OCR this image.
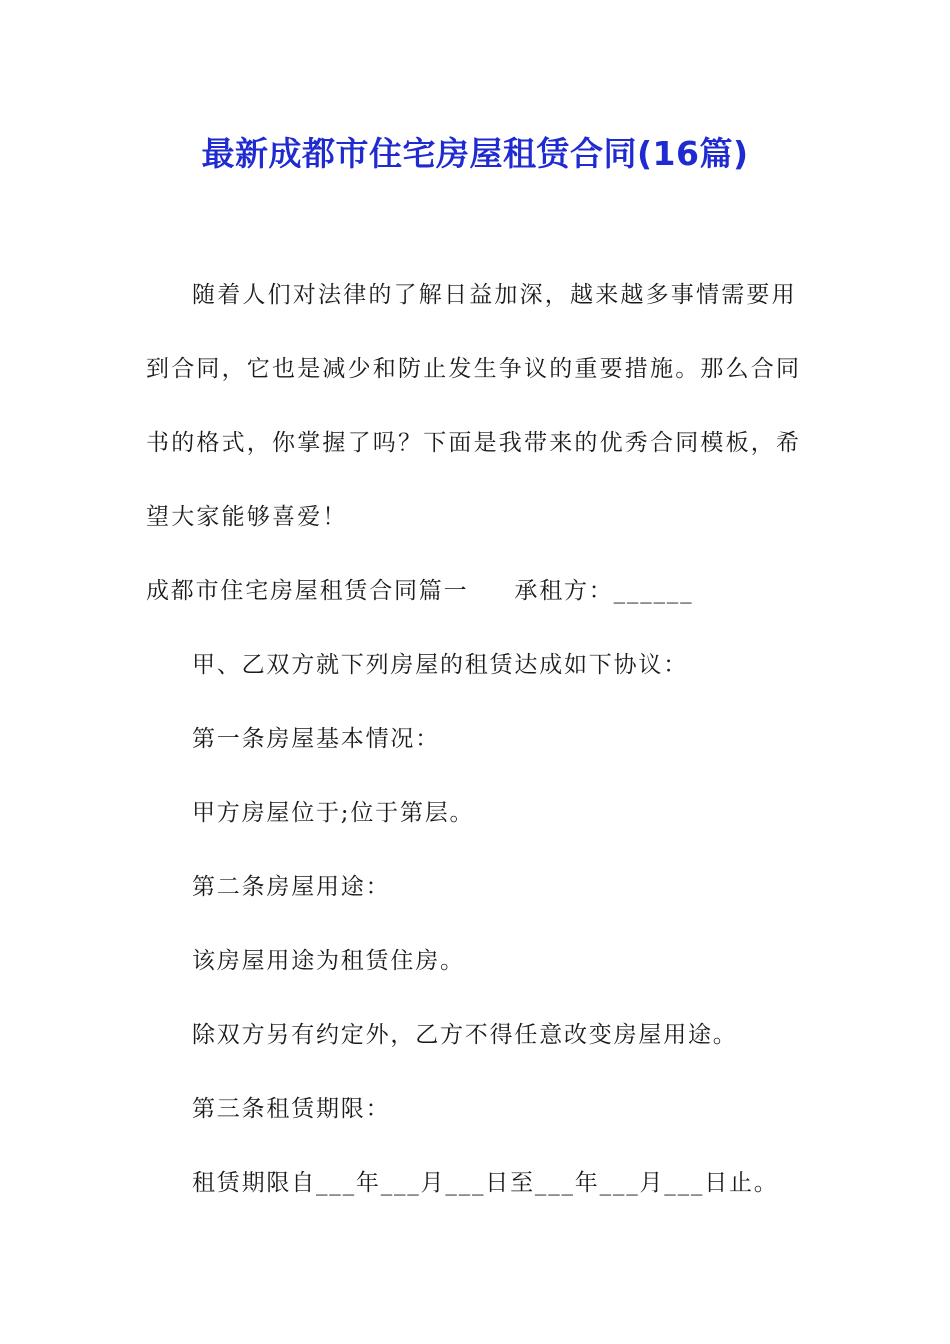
最新成都市住宅房屋租赁合同(16篇)

随着人们对法律的了解日益加深，越来越多事情需要用到合同，它也是减少和防止发生争议的重要措施。那么合同书的格式，你掌握了吗？下面是我带来的优秀合同模板，希望大家能够喜爱！

成都市住宅房屋租赁合同篇一 承租方：______

甲、乙双方就下列房屋的租赁达成如下协议：

第一条房屋基本情况：

甲方房屋位于;位于第层。

第二条房屋用途：

该房屋用途为租赁住房。

除双方另有约定外，乙方不得任意改变房屋用途。

第三条租赁期限：

租赁期限自___年___月___日至___年___月___日止。
